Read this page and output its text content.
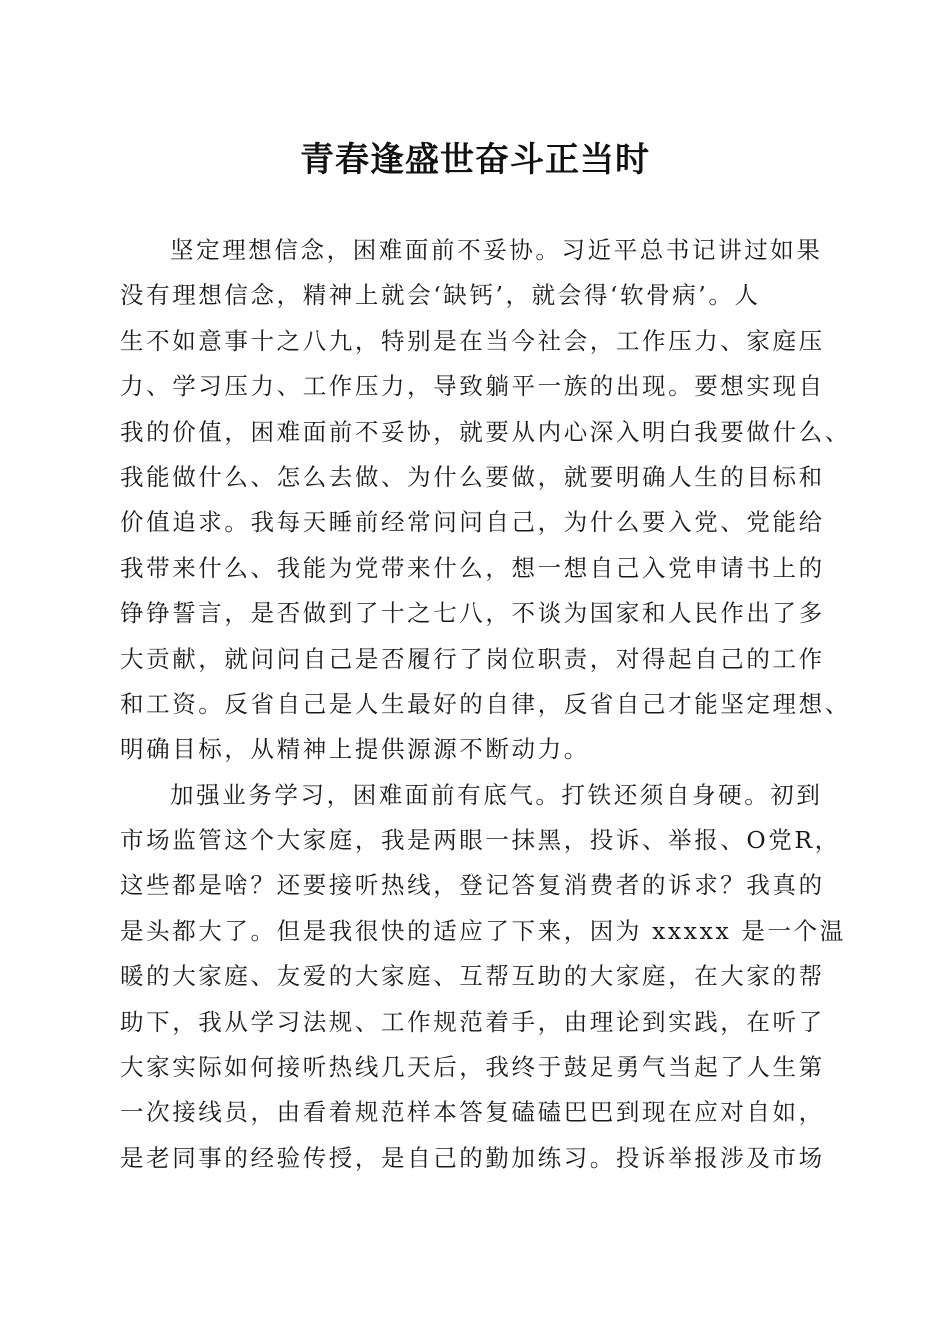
青春逢盛世奋斗正当时
坚定理想信念，困难面前不妥协。习近平总书记讲过如果
没有理想信念，精神上就会‘缺钙’，就会得‘软骨病’。人
生不如意事十之八九，特别是在当今社会，工作压力、家庭压
力、学习压力、工作压力，导致躺平一族的出现。要想实现自
我的价值，困难面前不妥协，就要从内心深入明白我要做什么、
我能做什么、怎么去做、为什么要做，就要明确人生的目标和
价值追求。我每天睡前经常问问自己，为什么要入党、党能给
我带来什么、我能为党带来什么，想一想自己入党申请书上的
铮铮誓言，是否做到了十之七八，不谈为国家和人民作出了多
大贡献，就问问自己是否履行了岗位职责，对得起自己的工作
和工资。反省自己是人生最好的自律，反省自己才能坚定理想、
明确目标，从精神上提供源源不断动力。
加强业务学习，困难面前有底气。打铁还须自身硬。初到
市场监管这个大家庭，我是两眼一抹黑，投诉、举报、O党R，
这些都是啥？还要接听热线，登记答复消费者的诉求？我真的
是头都大了。但是我很快的适应了下来，因为 xxxxx 是一个温
暖的大家庭、友爱的大家庭、互帮互助的大家庭，在大家的帮
助下，我从学习法规、工作规范着手，由理论到实践，在听了
大家实际如何接听热线几天后，我终于鼓足勇气当起了人生第
一次接线员，由看着规范样本答复磕磕巴巴到现在应对自如，
是老同事的经验传授，是自己的勤加练习。投诉举报涉及市场
